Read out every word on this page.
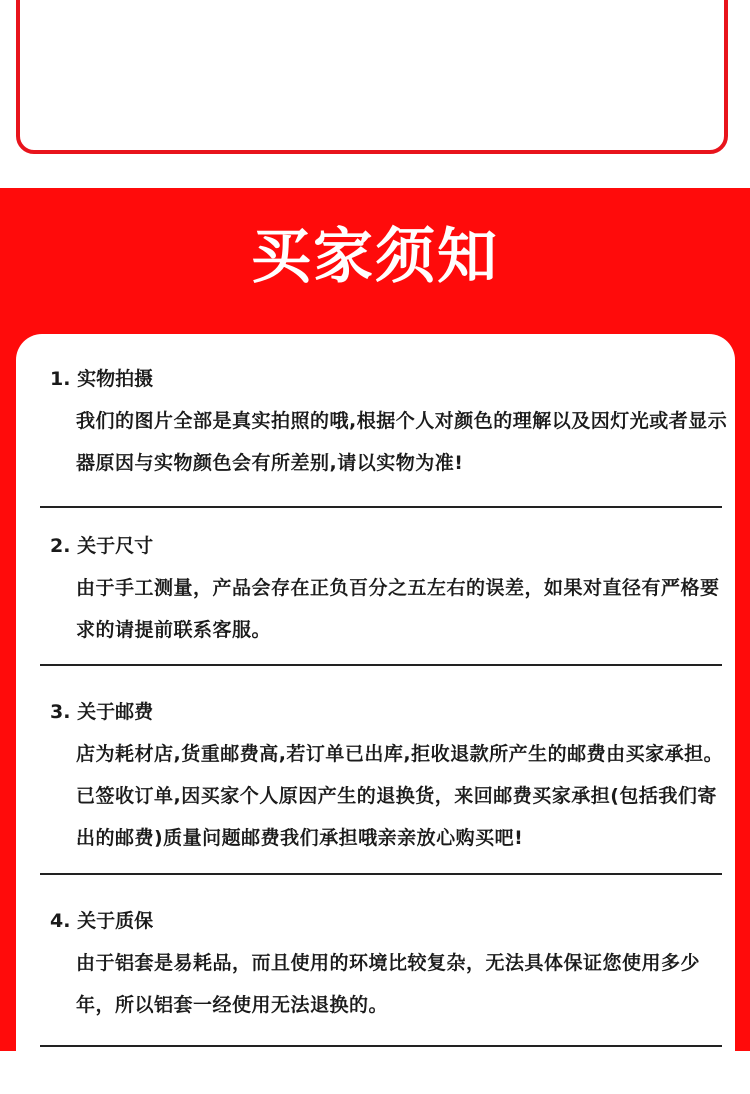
买家须知
1. 实物拍摄
我们的图片全部是真实拍照的哦,根据个人对颜色的理解以及因灯光或者显示器原因与实物颜色会有所差别,请以实物为准!
2. 关于尺寸
由于手工测量，产品会存在正负百分之五左右的误差，如果对直径有严格要求的请提前联系客服。
3. 关于邮费
店为耗材店,货重邮费高,若订单已出库,拒收退款所产生的邮费由买家承担。已签收订单,因买家个人原因产生的退换货，来回邮费买家承担(包括我们寄出的邮费)质量问题邮费我们承担哦亲亲放心购买吧!
4. 关于质保
由于铝套是易耗品，而且使用的环境比较复杂，无法具体保证您使用多少年，所以铝套一经使用无法退换的。
